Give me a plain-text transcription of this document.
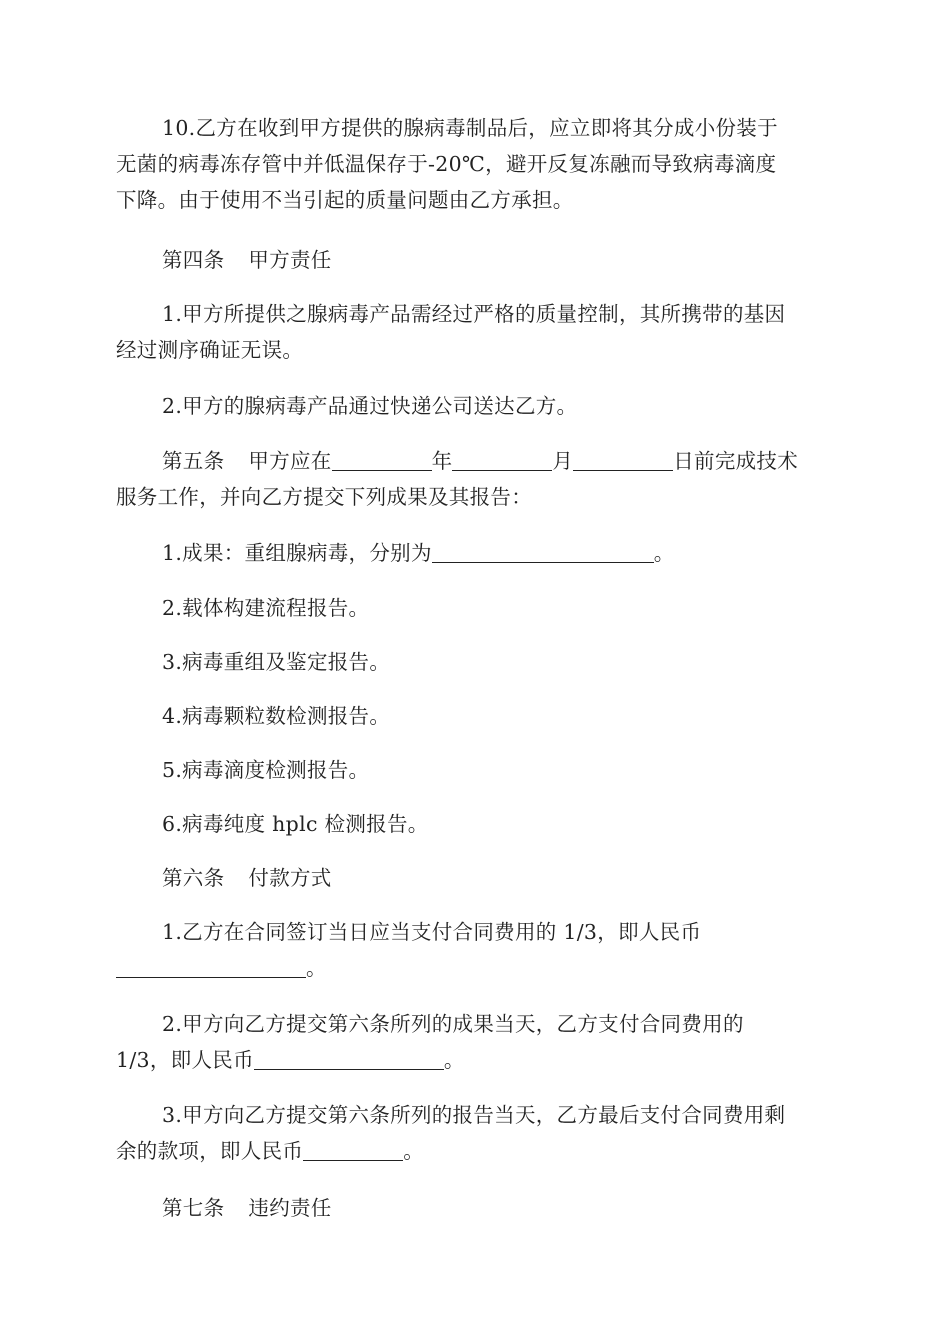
10.乙方在收到甲方提供的腺病毒制品后，应立即将其分成小份装于
无菌的病毒冻存管中并低温保存于-20℃，避开反复冻融而导致病毒滴度
下降。由于使用不当引起的质量问题由乙方承担。
第四条 甲方责任
1.甲方所提供之腺病毒产品需经过严格的质量控制，其所携带的基因
经过测序确证无误。
2.甲方的腺病毒产品通过快递公司送达乙方。
第五条 甲方应在	年	月	日前完成技术
服务工作，并向乙方提交下列成果及其报告：
1.成果：重组腺病毒，分别为	。
2.载体构建流程报告。
3.病毒重组及鉴定报告。
4.病毒颗粒数检测报告。
5.病毒滴度检测报告。
6.病毒纯度 hplc 检测报告。
第六条 付款方式
1.乙方在合同签订当日应当支付合同费用的 1/3，即人民币
。
2.甲方向乙方提交第六条所列的成果当天，乙方支付合同费用的
1/3，即人民币	。
3.甲方向乙方提交第六条所列的报告当天，乙方最后支付合同费用剩
余的款项，即人民币	。
第七条 违约责任
